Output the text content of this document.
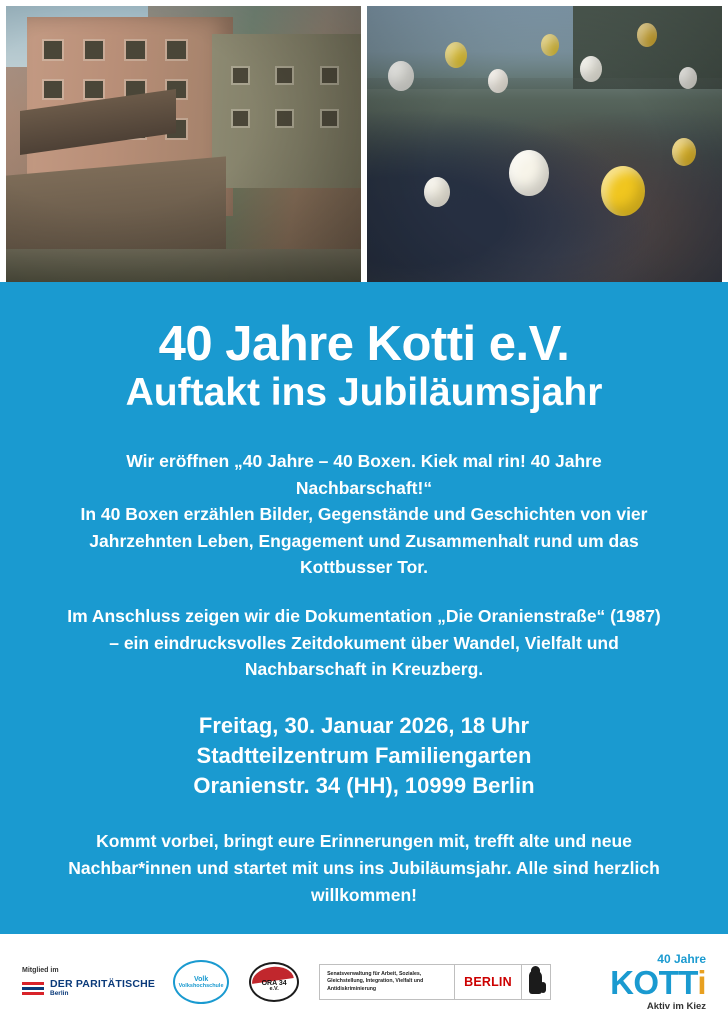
40 Jahre Kotti e.V.
Auftakt ins Jubiläumsjahr

Wir eröffnen „40 Jahre – 40 Boxen. Kiek mal rin! 40 Jahre Nachbarschaft!“
In 40 Boxen erzählen Bilder, Gegenstände und Geschichten von vier Jahrzehnten Leben, Engagement und Zusammenhalt rund um das Kottbusser Tor.

Im Anschluss zeigen wir die Dokumentation „Die Oranienstraße“ (1987) – ein eindrucksvolles Zeitdokument über Wandel, Vielfalt und Nachbarschaft in Kreuzberg.

Freitag, 30. Januar 2026, 18 Uhr
Stadtteilzentrum Familiengarten
Oranienstr. 34 (HH), 10999 Berlin

Kommt vorbei, bringt eure Erinnerungen mit, trefft alte und neue Nachbar*innen und startet mit uns ins Jubiläumsjahr. Alle sind herzlich willkommen!

Mitglied im
DER PARITÄTISCHE
Berlin
Volk
Volkshochschule	ORA 34
e.V.
Senatsverwaltung für Arbeit, Soziales, Gleichstellung, Integration, Vielfalt und Antidiskriminierung	BERLIN
40 Jahre
KOTTi
Aktiv im Kiez
